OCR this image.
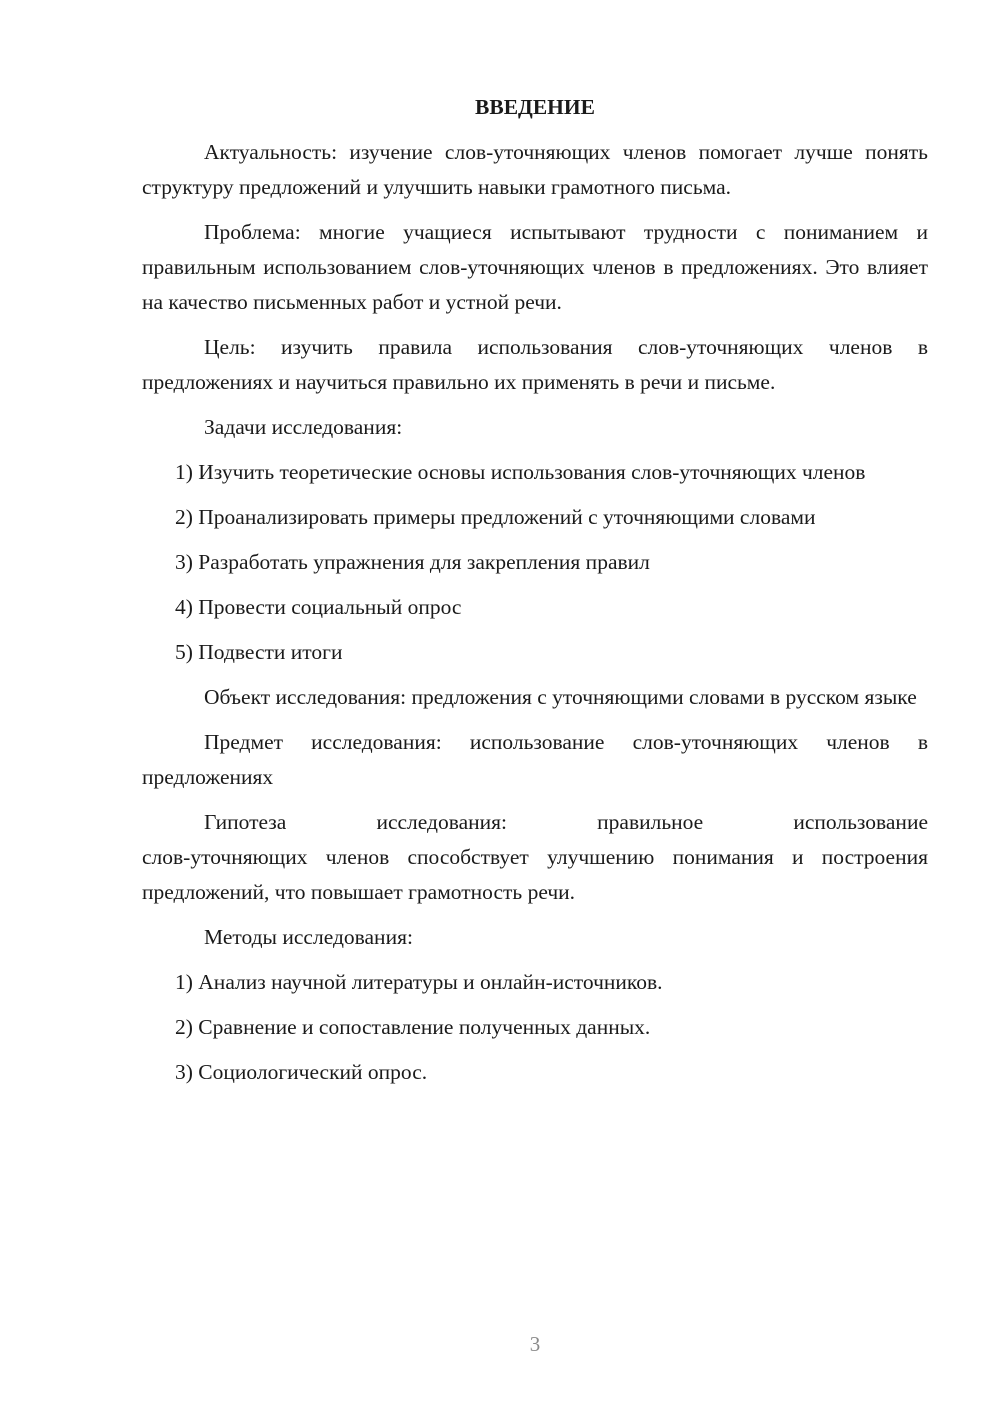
ВВЕДЕНИЕ

Актуальность: изучение слов-уточняющих членов помогает лучше понять структуру предложений и улучшить навыки грамотного письма.

Проблема: многие учащиеся испытывают трудности с пониманием и правильным использованием слов-уточняющих членов в предложениях. Это влияет на качество письменных работ и устной речи.

Цель: изучить правила использования слов-уточняющих членов в предложениях и научиться правильно их применять в речи и письме.

Задачи исследования:

1) Изучить теоретические основы использования слов-уточняющих членов

2) Проанализировать примеры предложений с уточняющими словами

3) Разработать упражнения для закрепления правил

4) Провести социальный опрос

5) Подвести итоги

Объект исследования: предложения с уточняющими словами в русском языке

Предмет исследования: использование слов-уточняющих членов в предложениях

Гипотеза исследования: правильное использование
слов-уточняющих членов способствует улучшению понимания и построения предложений, что повышает грамотность речи.

Методы исследования:

1) Анализ научной литературы и онлайн-источников.

2) Сравнение и сопоставление полученных данных.

3) Социологический опрос.

3
